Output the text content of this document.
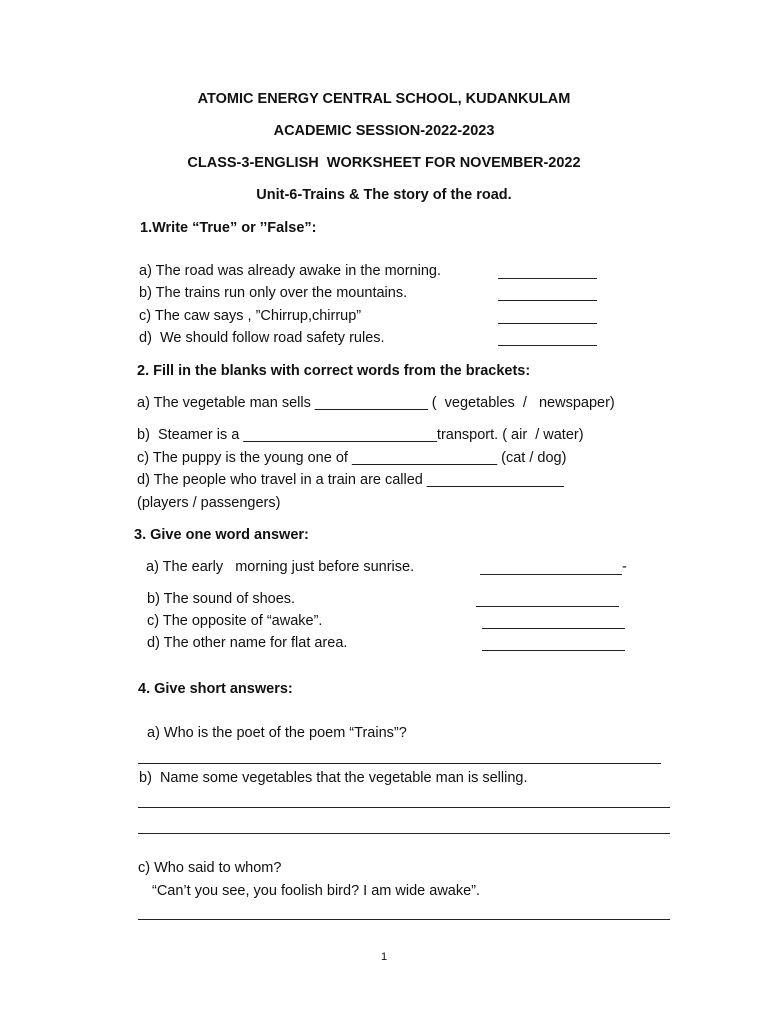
ATOMIC ENERGY CENTRAL SCHOOL, KUDANKULAM
ACADEMIC SESSION-2022-2023
CLASS-3-ENGLISH  WORKSHEET FOR NOVEMBER-2022
Unit-6-Trains & The story of the road.
1.Write “True” or ’’False”:
a) The road was already awake in the morning.
b) The trains run only over the mountains.
c) The caw says , ”Chirrup,chirrup”
d)  We should follow road safety rules.
2. Fill in the blanks with correct words from the brackets:
a) The vegetable man sells ______________ (  vegetables  /   newspaper)
b)  Steamer is a ________________________transport. ( air  / water)
c) The puppy is the young one of __________________ (cat / dog)
d) The people who travel in a train are called _________________
(players / passengers)
3. Give one word answer:
a) The early   morning just before sunrise.	-
b) The sound of shoes.
c) The opposite of “awake”.
d) The other name for flat area.
4. Give short answers:
a) Who is the poet of the poem “Trains”?
b)  Name some vegetables that the vegetable man is selling.
c) Who said to whom?
“Can’t you see, you foolish bird? I am wide awake”.
1
